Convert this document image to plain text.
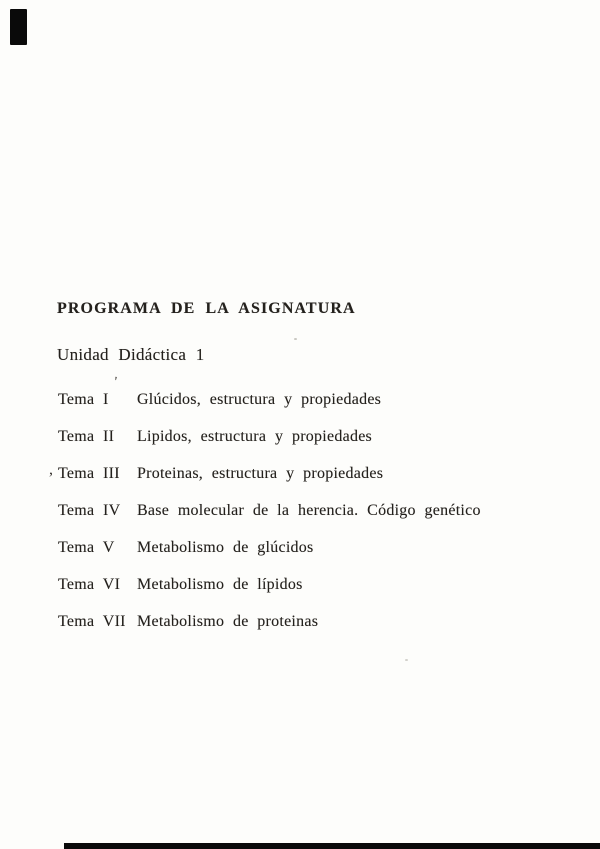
PROGRAMA DE LA ASIGNATURA
Unidad Didáctica 1
'
,
Tema I	Glúcidos, estructura y propiedades
Tema II	Lipidos, estructura y propiedades
Tema III	Proteinas, estructura y propiedades
Tema IV	Base molecular de la herencia. Código genético
Tema V	Metabolismo de glúcidos
Tema VI	Metabolismo de lípidos
Tema VII Metabolismo de proteinas
